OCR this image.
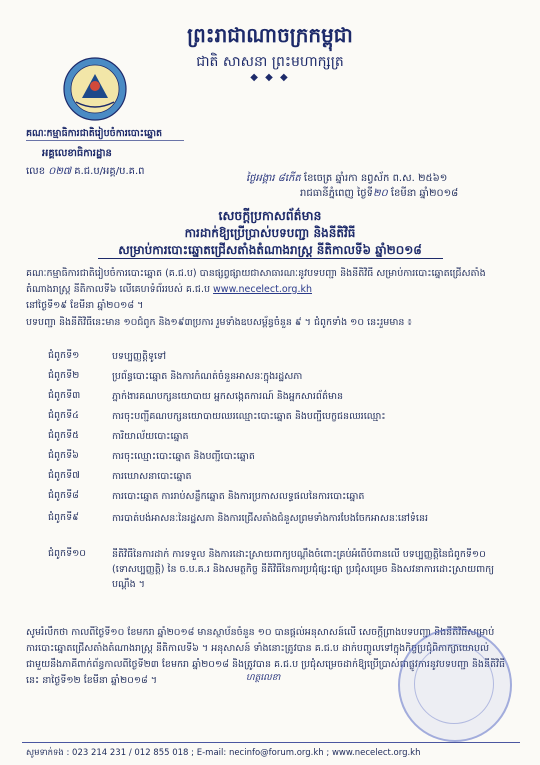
ព្រះរាជាណាចក្រកម្ពុជា
ជាតិ សាសនា ព្រះមហាក្សត្រ
◆ ◆ ◆
គណៈកម្មាធិការជាតិរៀបចំការបោះឆ្នោត
អគ្គលេខាធិការដ្ឋាន
លេខ ០២៧ គ.ជ.ប/អគ្គ/ប.គ.ព
ថ្ងៃអង្គារ ៨កើត ខែចេត្រ ឆ្នាំរកា នព្វស័ក ព.ស. ២៥៦១
រាជធានីភ្នំពេញ ថ្ងៃទី២០ ខែមីនា ឆ្នាំ២០១៨
សេចក្តីប្រកាសព័ត៌មាន
ការដាក់ឱ្យប្រើប្រាស់បទបញ្ជា និងនីតិវិធី
សម្រាប់ការបោះឆ្នោតជ្រើសតាំងតំណាងរាស្ត្រ នីតិកាលទី៦ ឆ្នាំ២០១៨
គណៈកម្មាធិការជាតិរៀបចំការបោះឆ្នោត (គ.ជ.ប) បានផ្សព្វផ្សាយជាសាធារណៈនូវបទបញ្ជា និងនីតិវិធី សម្រាប់ការបោះឆ្នោតជ្រើសតាំងតំណាងរាស្ត្រ នីតិកាលទី៦ លើគេហទំព័ររបស់ គ.ជ.ប www.necelect.org.kh
នៅថ្ងៃទី១៩ ខែមីនា ឆ្នាំ២០១៨ ។
បទបញ្ជា និងនីតិវិធីនេះមាន ១០ជំពូក និង១៩៣ប្រការ រួមទាំងឧបសម្ព័ន្ធចំនួន ៩ ។ ជំពូកទាំង ១០ នេះរួមមាន ៖
ជំពូកទី១	បទប្បញ្ញត្តិទូទៅ
ជំពូកទី២	ប្រព័ន្ធបោះឆ្នោត និងការកំណត់ចំនួនអាសនៈក្នុងរដ្ឋសភា
ជំពូកទី៣	ភ្នាក់ងារគណបក្សនយោបាយ អ្នកសង្កេតការណ៍ និងអ្នកសារព័ត៌មាន
ជំពូកទី៤	ការចុះបញ្ជីគណបក្សនយោបាយឈរឈ្មោះបោះឆ្នោត និងបញ្ជីបេក្ខជនឈរឈ្មោះ
ជំពូកទី៥	ការិយាល័យបោះឆ្នោត
ជំពូកទី៦	ការចុះឈ្មោះបោះឆ្នោត និងបញ្ជីបោះឆ្នោត
ជំពូកទី៧	ការឃោសនាបោះឆ្នោត
ជំពូកទី៨	ការបោះឆ្នោត ការរាប់សន្លឹកឆ្នោត និងការប្រកាសលទ្ធផលនៃការបោះឆ្នោត
ជំពូកទី៩	ការបាត់បង់អាសនៈនៃរដ្ឋសភា និងការជ្រើសតាំងជំនួសព្រមទាំងការបែងចែកអាសនៈនៅទំនេរ
ជំពូកទី១០	នីតិវិធីនៃការដាក់ ការទទួល និងការដោះស្រាយពាក្យបណ្តឹងចំពោះគ្រប់អំពើបំពានលើ បទប្បញ្ញត្តិនៃជំពូកទី១០ (ទោសប្បញ្ញត្តិ) នៃ ច.ប.គ.រ និងសមត្ថកិច្ច នីតិវិធីនៃការប្រជុំផ្សះផ្សា ប្រជុំសម្រេច និងសវនាការដោះស្រាយពាក្យបណ្តឹង ។
សូមរំលឹកថា កាលពីថ្ងៃទី១០ ខែមករា ឆ្នាំ២០១៨ មានស្ថាប័នចំនួន ១០ បានផ្តល់អនុសាសន៍លើ សេចក្តីព្រាងបទបញ្ជា និងនីតិវិធីសម្រាប់ការបោះឆ្នោតជ្រើសតាំងតំណាងរាស្ត្រ នីតិកាលទី៦ ។ អនុសាសន៍ ទាំងនោះត្រូវបាន គ.ជ.ប ដាក់បញ្ចូលទៅក្នុងកិច្ចប្រជុំពិភាក្សាយោបល់ជាមួយនឹងភាគីពាក់ព័ន្ធកាលពីថ្ងៃទី២៣ ខែមករា ឆ្នាំ២០១៨ និងត្រូវបាន គ.ជ.ប ប្រជុំសម្រេចដាក់ឱ្យប្រើប្រាស់ជាផ្លូវការនូវបទបញ្ជា និងនីតិវិធីនេះ នាថ្ងៃទី១២ ខែមីនា ឆ្នាំ២០១៨ ។	ហត្ថលេខា
សូមទាក់ទង : 023 214 231 / 012 855 018 ; E-mail: necinfo@forum.org.kh ; www.necelect.org.kh
